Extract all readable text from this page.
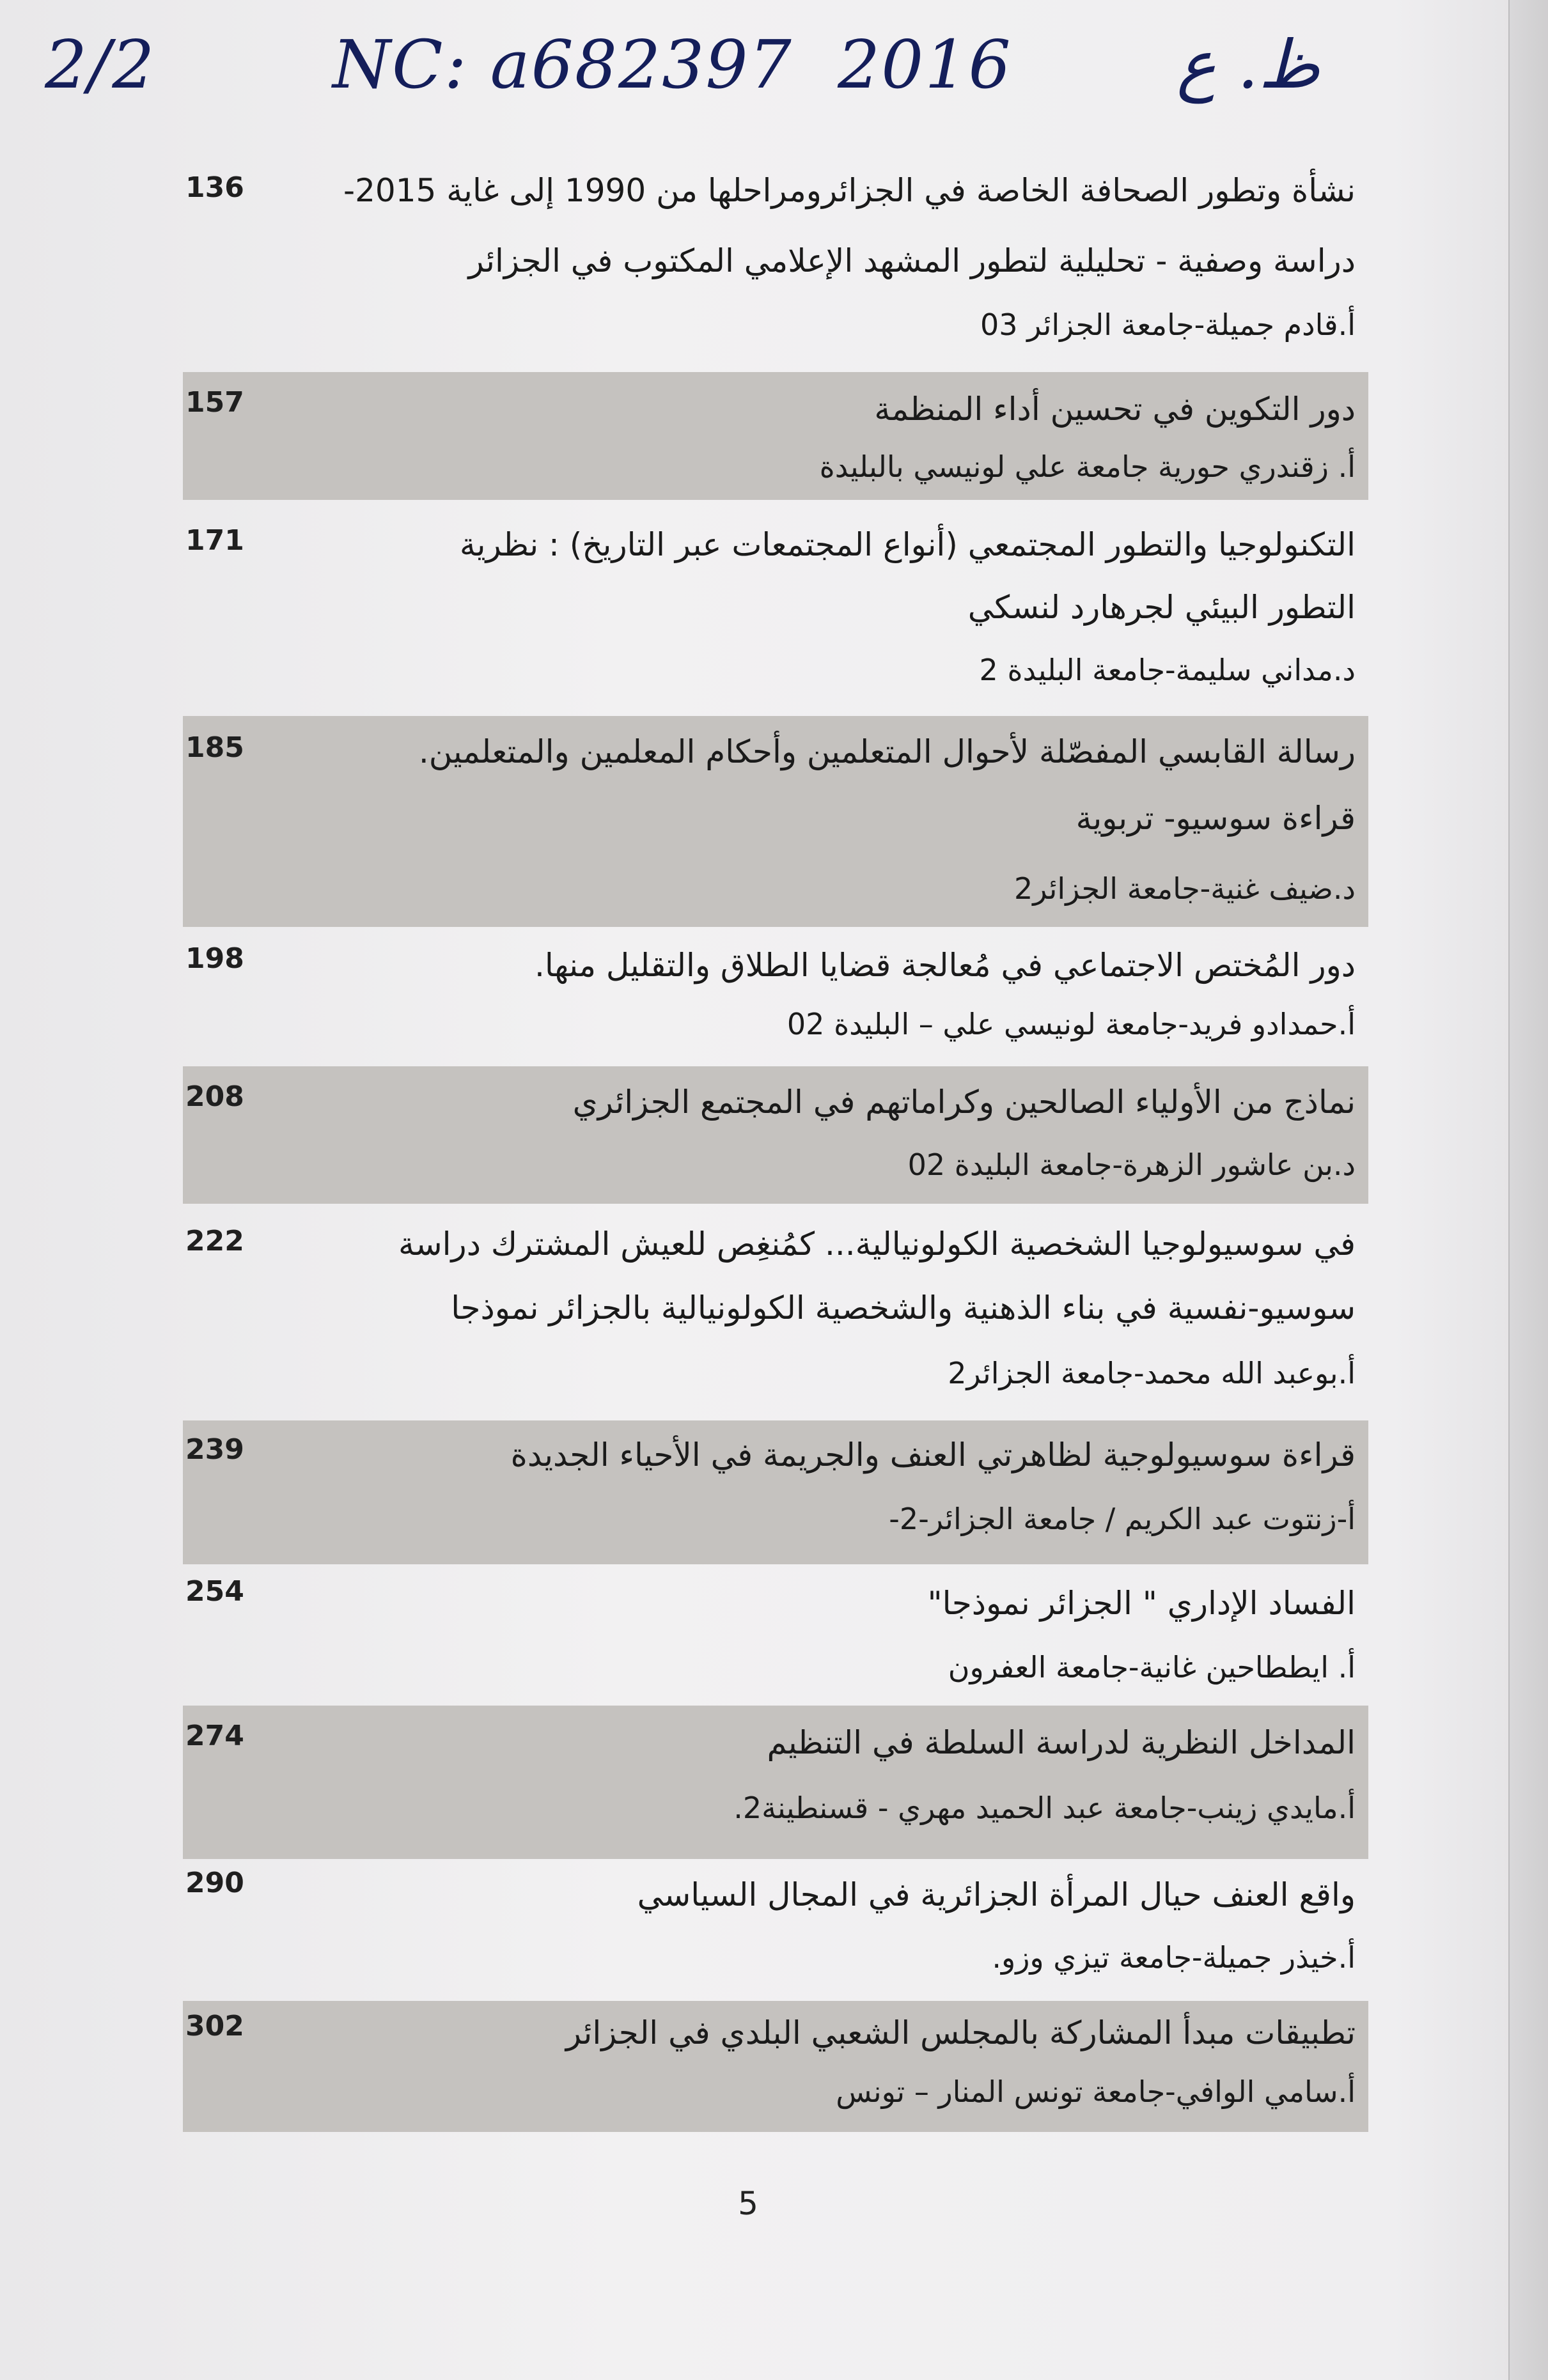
2/2	NC: a682397 2016 ظ. ع
136	نشأة وتطور الصحافة الخاصة في الجزائرومراحلها من 1990 إلى غاية 2015-
دراسة وصفية - تحليلية لتطور المشهد الإعلامي المكتوب في الجزائر
أ.قادم جميلة-جامعة الجزائر 03
157	دور التكوين في تحسين أداء المنظمة
أ. زقندري حورية جامعة علي لونيسي بالبليدة
171	التكنولوجيا والتطور المجتمعي (أنواع المجتمعات عبر التاريخ) : نظرية
التطور البيئي لجرهارد لنسكي
د.مداني سليمة-جامعة البليدة 2
185	رسالة القابسي المفصّلة لأحوال المتعلمين وأحكام المعلمين والمتعلمين.
قراءة سوسيو- تربوية
د.ضيف غنية-جامعة الجزائر2
198	دور المُختص الاجتماعي في مُعالجة قضايا الطلاق والتقليل منها.
أ.حمدادو فريد-جامعة لونيسي علي – البليدة 02
208	نماذج من الأولياء الصالحين وكراماتهم في المجتمع الجزائري
د.بن عاشور الزهرة-جامعة البليدة 02
222	في سوسيولوجيا الشخصية الكولونيالية... كمُنغِص للعيش المشترك دراسة
سوسيو-نفسية في بناء الذهنية والشخصية الكولونيالية بالجزائر نموذجا
أ.بوعبد الله محمد-جامعة الجزائر2
239	قراءة سوسيولوجية لظاهرتي العنف والجريمة في الأحياء الجديدة
أ-زنتوت عبد الكريم / جامعة الجزائر-2-
254	الفساد الإداري " الجزائر نموذجا"
أ. ايططاحين غانية-جامعة العفرون
274	المداخل النظرية لدراسة السلطة في التنظيم
أ.مايدي زينب-جامعة عبد الحميد مهري - قسنطينة2.
290	واقع العنف حيال المرأة الجزائرية في المجال السياسي
أ.خيذر جميلة-جامعة تيزي وزو.
302	تطبيقات مبدأ المشاركة بالمجلس الشعبي البلدي في الجزائر
أ.سامي الوافي-جامعة تونس المنار – تونس
5
